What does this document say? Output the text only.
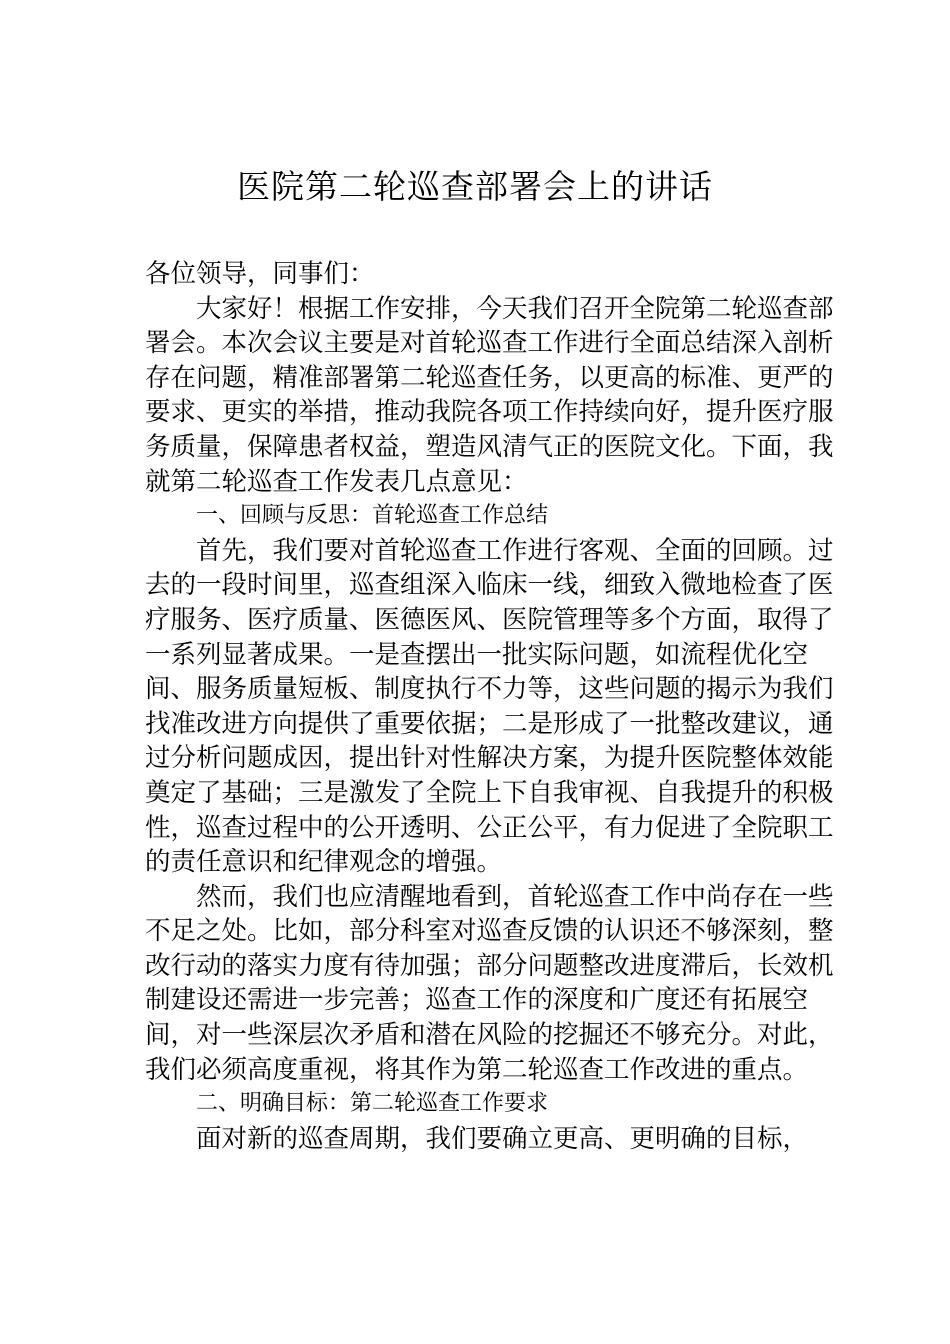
医院第二轮巡查部署会上的讲话

各位领导，同事们：

大家好！根据工作安排，今天我们召开全院第二轮巡查部署会。本次会议主要是对首轮巡查工作进行全面总结深入剖析存在问题，精准部署第二轮巡查任务，以更高的标准、更严的要求、更实的举措，推动我院各项工作持续向好，提升医疗服务质量，保障患者权益，塑造风清气正的医院文化。下面，我就第二轮巡查工作发表几点意见：

一、回顾与反思：首轮巡查工作总结

首先，我们要对首轮巡查工作进行客观、全面的回顾。过去的一段时间里，巡查组深入临床一线，细致入微地检查了医疗服务、医疗质量、医德医风、医院管理等多个方面，取得了一系列显著成果。一是查摆出一批实际问题，如流程优化空间、服务质量短板、制度执行不力等，这些问题的揭示为我们找准改进方向提供了重要依据；二是形成了一批整改建议，通过分析问题成因，提出针对性解决方案，为提升医院整体效能奠定了基础；三是激发了全院上下自我审视、自我提升的积极性，巡查过程中的公开透明、公正公平，有力促进了全院职工的责任意识和纪律观念的增强。

然而，我们也应清醒地看到，首轮巡查工作中尚存在一些不足之处。比如，部分科室对巡查反馈的认识还不够深刻，整改行动的落实力度有待加强；部分问题整改进度滞后，长效机制建设还需进一步完善；巡查工作的深度和广度还有拓展空间，对一些深层次矛盾和潜在风险的挖掘还不够充分。对此，我们必须高度重视，将其作为第二轮巡查工作改进的重点。

二、明确目标：第二轮巡查工作要求

面对新的巡查周期，我们要确立更高、更明确的目标，
